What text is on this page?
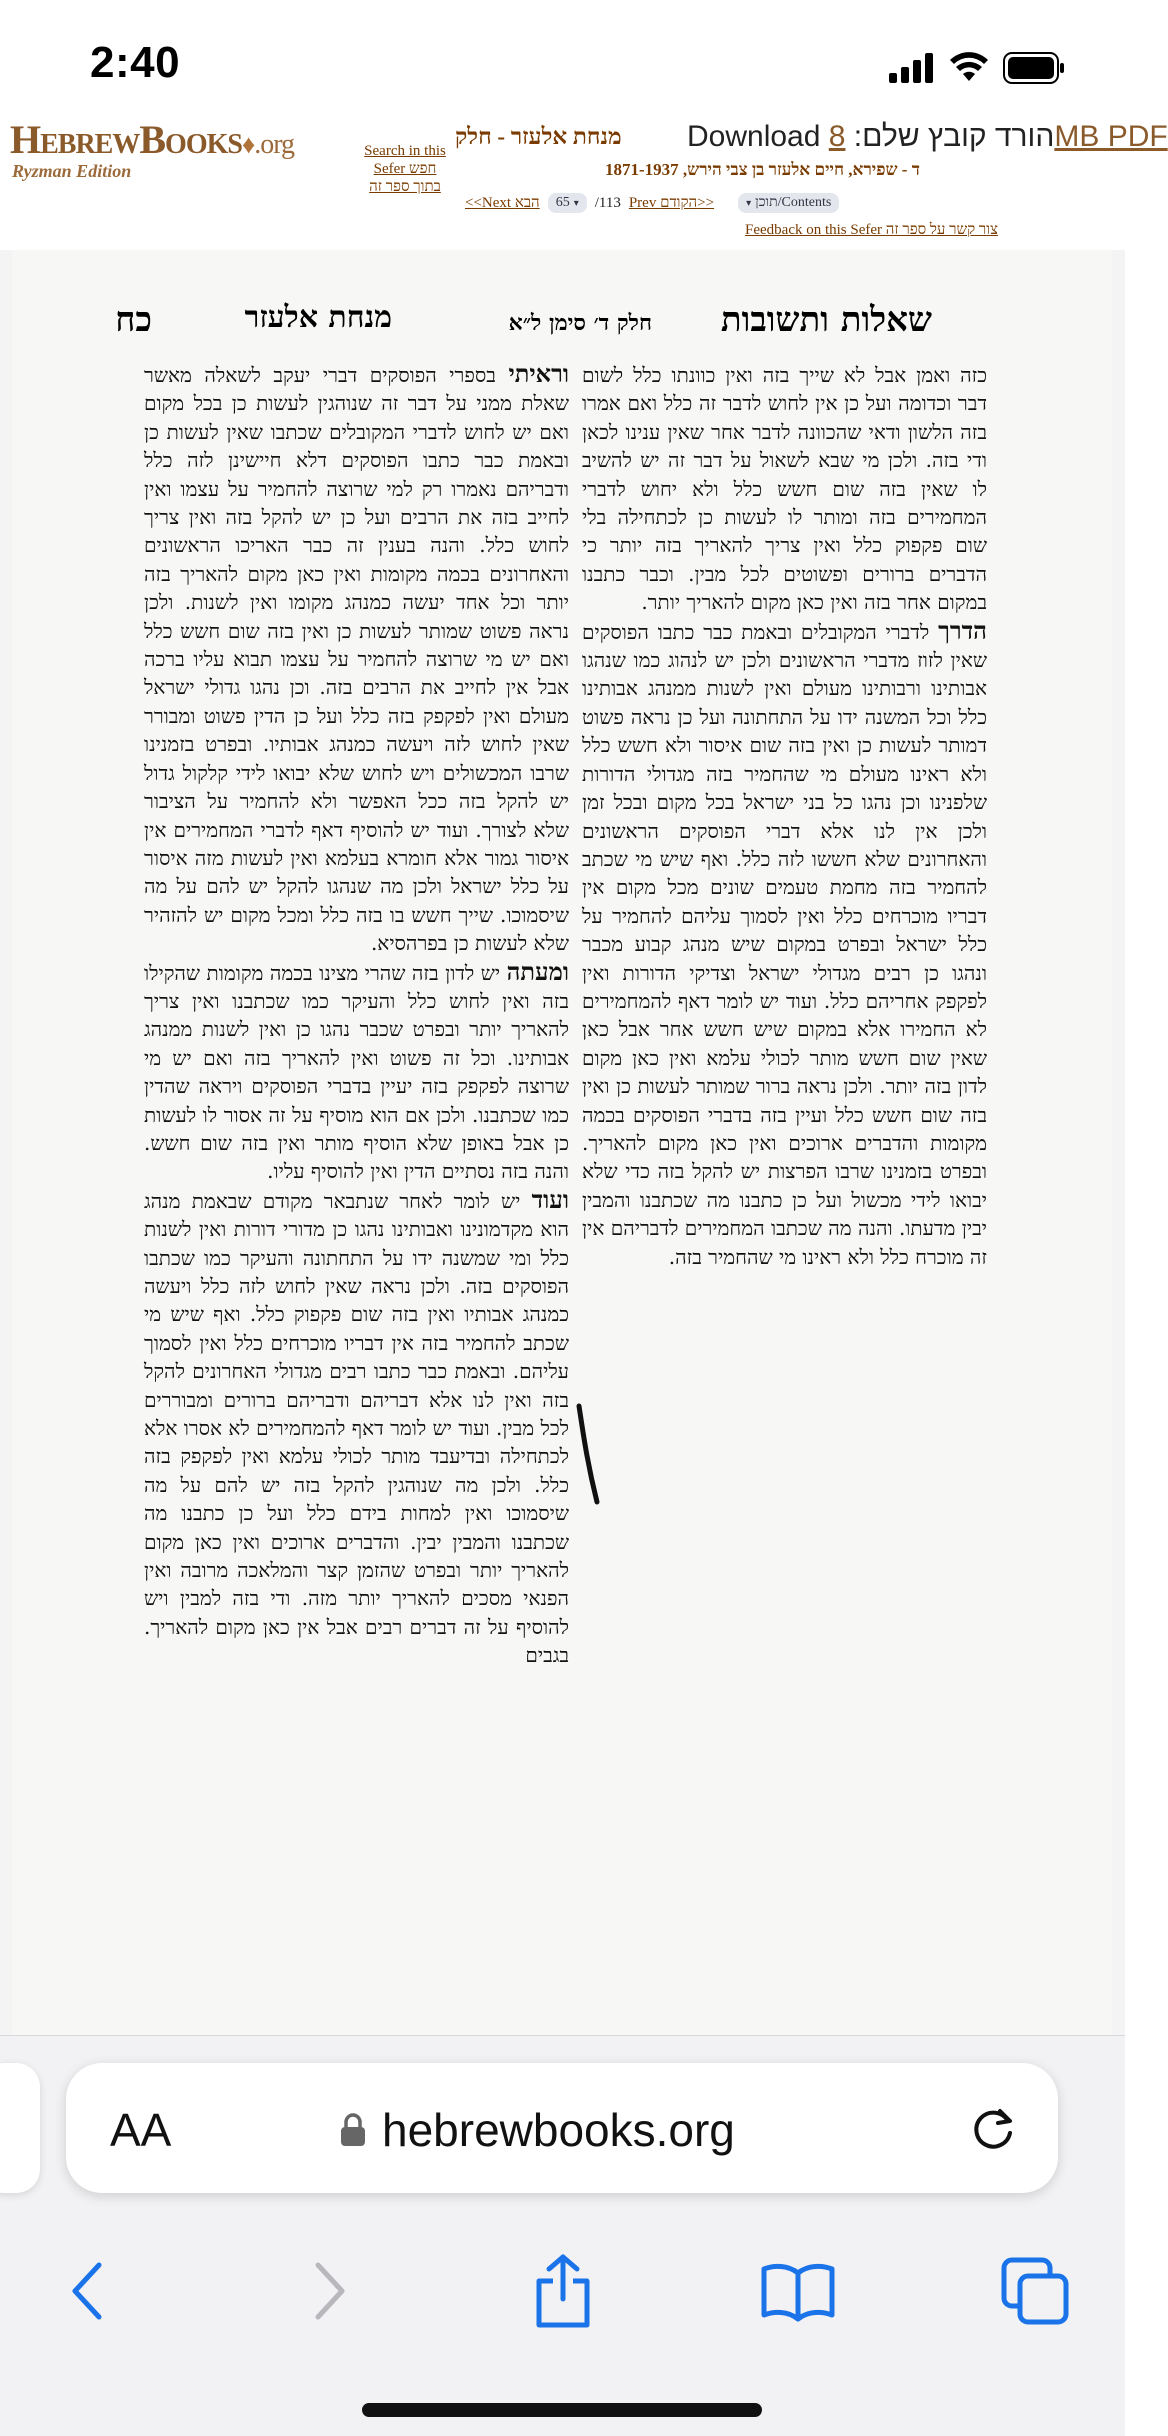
2:40
HebrewBooks♦.org
Ryzman Edition
Search in this Sefer חפש בתוך ספר זה
מנחת אלעזר - חלק Download הורד קובץ שלם: 8MB PDF
ד - שפירא, חיים אלעזר בן צבי הירש, 1871-1937
<<Next הבא 65 ▾ /113 Prev הקודם>>	▾ תוכן/Contents
Feedback on this Sefer צור קשר על ספר זה
שאלות ותשובות
חלק ד׳ סימן ל״א
מנחת אלעזר
כח

כזה ואמן אבל לא שייך בזה ואין כוונתו כלל לשום דבר וכדומה ועל כן אין לחוש לדבר זה כלל ואם אמרו בזה הלשון ודאי שהכוונה לדבר אחר שאין ענינו לכאן ודי בזה. ולכן מי שבא לשאול על דבר זה יש להשיב לו שאין בזה שום חשש כלל ולא יחוש לדברי המחמירים בזה ומותר לו לעשות כן לכתחילה בלי שום פקפוק כלל ואין צריך להאריך בזה יותר כי הדברים ברורים ופשוטים לכל מבין. וכבר כתבנו במקום אחר בזה ואין כאן מקום להאריך יותר.

הדרך לדברי המקובלים ובאמת כבר כתבו הפוסקים שאין לזוז מדברי הראשונים ולכן יש לנהוג כמו שנהגו אבותינו ורבותינו מעולם ואין לשנות ממנהג אבותינו כלל וכל המשנה ידו על התחתונה ועל כן נראה פשוט דמותר לעשות כן ואין בזה שום איסור ולא חשש כלל ולא ראינו מעולם מי שהחמיר בזה מגדולי הדורות שלפנינו וכן נהגו כל בני ישראל בכל מקום ובכל זמן ולכן אין לנו אלא דברי הפוסקים הראשונים והאחרונים שלא חששו לזה כלל. ואף שיש מי שכתב להחמיר בזה מחמת טעמים שונים מכל מקום אין דבריו מוכרחים כלל ואין לסמוך עליהם להחמיר על כלל ישראל ובפרט במקום שיש מנהג קבוע מכבר ונהגו כן רבים מגדולי ישראל וצדיקי הדורות ואין לפקפק אחריהם כלל. ועוד יש לומר דאף להמחמירים לא החמירו אלא במקום שיש חשש אחר אבל כאן שאין שום חשש מותר לכולי עלמא ואין כאן מקום לדון בזה יותר. ולכן נראה ברור שמותר לעשות כן ואין בזה שום חשש כלל ועיין בזה בדברי הפוסקים בכמה מקומות והדברים ארוכים ואין כאן מקום להאריך. ובפרט בזמנינו שרבו הפרצות יש להקל בזה כדי שלא יבואו לידי מכשול ועל כן כתבנו מה שכתבנו והמבין יבין מדעתו. והנה מה שכתבו המחמירים לדבריהם אין זה מוכרח כלל ולא ראינו מי שהחמיר בזה.

וראיתי בספרי הפוסקים דברי יעקב לשאלה מאשר שאלת ממני על דבר זה שנוהגין לעשות כן בכל מקום ואם יש לחוש לדברי המקובלים שכתבו שאין לעשות כן ובאמת כבר כתבו הפוסקים דלא חיישינן לזה כלל ודבריהם נאמרו רק למי שרוצה להחמיר על עצמו ואין לחייב בזה את הרבים ועל כן יש להקל בזה ואין צריך לחוש כלל. והנה בענין זה כבר האריכו הראשונים והאחרונים בכמה מקומות ואין כאן מקום להאריך בזה יותר וכל אחד יעשה כמנהג מקומו ואין לשנות. ולכן נראה פשוט שמותר לעשות כן ואין בזה שום חשש כלל ואם יש מי שרוצה להחמיר על עצמו תבוא עליו ברכה אבל אין לחייב את הרבים בזה. וכן נהגו גדולי ישראל מעולם ואין לפקפק בזה כלל ועל כן הדין פשוט ומבורר שאין לחוש לזה ויעשה כמנהג אבותיו. ובפרט בזמנינו שרבו המכשולים ויש לחוש שלא יבואו לידי קלקול גדול יש להקל בזה ככל האפשר ולא להחמיר על הציבור שלא לצורך. ועוד יש להוסיף דאף לדברי המחמירים אין איסור גמור אלא חומרא בעלמא ואין לעשות מזה איסור על כלל ישראל ולכן מה שנהגו להקל יש להם על מה שיסמוכו. שייך חשש בו בזה כלל ומכל מקום יש להזהיר שלא לעשות כן בפרהסיא.

ומעתה יש לדון בזה שהרי מצינו בכמה מקומות שהקילו בזה ואין לחוש כלל והעיקר כמו שכתבנו ואין צריך להאריך יותר ובפרט שכבר נהגו כן ואין לשנות ממנהג אבותינו. וכל זה פשוט ואין להאריך בזה ואם יש מי שרוצה לפקפק בזה יעיין בדברי הפוסקים ויראה שהדין כמו שכתבנו. ולכן אם הוא מוסיף על זה אסור לו לעשות כן אבל באופן שלא הוסיף מותר ואין בזה שום חשש. והנה בזה נסתיים הדין ואין להוסיף עליו.

ועוד יש לומר לאחר שנתבאר מקודם שבאמת מנהג הוא מקדמונינו ואבותינו נהגו כן מדורי דורות ואין לשנות כלל ומי שמשנה ידו על התחתונה והעיקר כמו שכתבו הפוסקים בזה. ולכן נראה שאין לחוש לזה כלל ויעשה כמנהג אבותיו ואין בזה שום פקפוק כלל. ואף שיש מי שכתב להחמיר בזה אין דבריו מוכרחים כלל ואין לסמוך עליהם. ובאמת כבר כתבו רבים מגדולי האחרונים להקל בזה ואין לנו אלא דבריהם ודבריהם ברורים ומבוררים לכל מבין. ועוד יש לומר דאף להמחמירים לא אסרו אלא לכתחילה ובדיעבד מותר לכולי עלמא ואין לפקפק בזה כלל. ולכן מה שנוהגין להקל בזה יש להם על מה שיסמוכו ואין למחות בידם כלל ועל כן כתבנו מה שכתבנו והמבין יבין. והדברים ארוכים ואין כאן מקום להאריך יותר ובפרט שהזמן קצר והמלאכה מרובה ואין הפנאי מסכים להאריך יותר מזה. ודי בזה למבין ויש להוסיף על זה דברים רבים אבל אין כאן מקום להאריך. בגבים

AA	hebrewbooks.org
